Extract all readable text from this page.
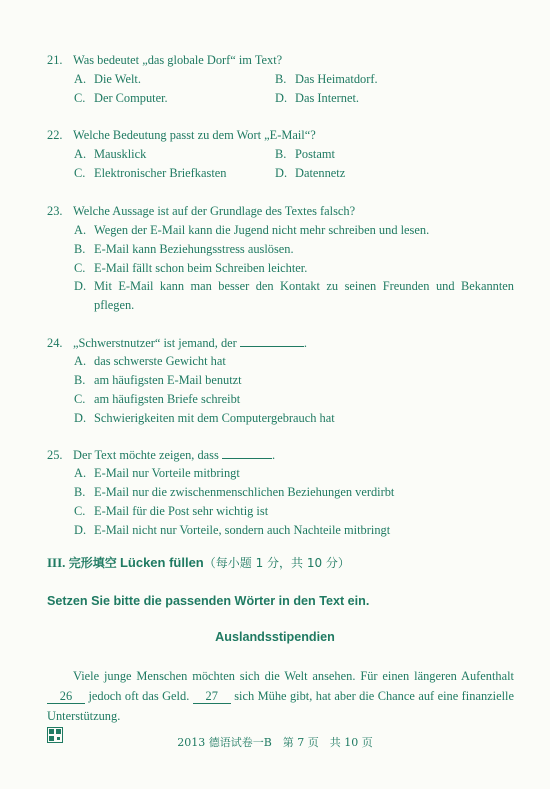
21. Was bedeutet „das globale Dorf“ im Text?
A. Die Welt.	B. Das Heimatdorf.
C. Der Computer.	D. Das Internet.
22. Welche Bedeutung passt zu dem Wort „E-Mail“?
A. Mausklick	B. Postamt
C. Elektronischer Briefkasten	D. Datennetz
23. Welche Aussage ist auf der Grundlage des Textes falsch?
A. Wegen der E-Mail kann die Jugend nicht mehr schreiben und lesen.
B. E-Mail kann Beziehungsstress auslösen.
C. E-Mail fällt schon beim Schreiben leichter.
D. Mit E-Mail kann man besser den Kontakt zu seinen Freunden und Bekannten pflegen.
24. „Schwerstnutzer“ ist jemand, der	.
A. das schwerste Gewicht hat
B. am häufigsten E-Mail benutzt
C. am häufigsten Briefe schreibt
D. Schwierigkeiten mit dem Computergebrauch hat
25. Der Text möchte zeigen, dass	.
A. E-Mail nur Vorteile mitbringt
B. E-Mail nur die zwischenmenschlichen Beziehungen verdirbt
C. E-Mail für die Post sehr wichtig ist
D. E-Mail nicht nur Vorteile, sondern auch Nachteile mitbringt
III. 完形填空 Lücken füllen（每小题 1 分，共 10 分）
Setzen Sie bitte die passenden Wörter in den Text ein.
Auslandsstipendien
Viele junge Menschen möchten sich die Welt ansehen. Für einen längeren Aufenthalt 26 jedoch oft das Geld. 27 sich Mühe gibt, hat aber die Chance auf eine finanzielle Unterstützung.
2013 德语试卷一B　第 7 页　共 10 页
